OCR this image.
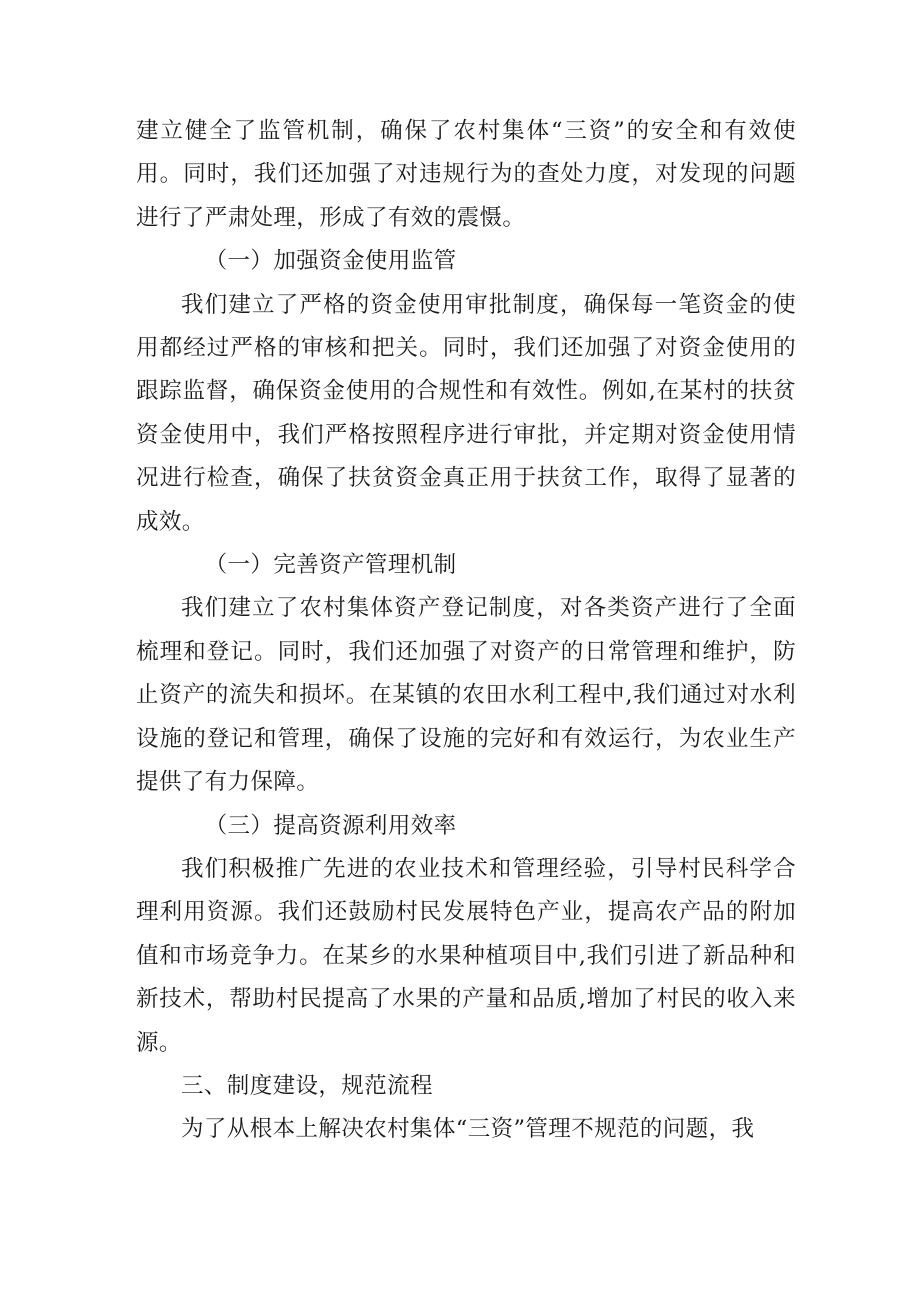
建立健全了监管机制，确保了农村集体“三资”的安全和有效使用。同时，我们还加强了对违规行为的查处力度，对发现的问题进行了严肃处理，形成了有效的震慑。

（一）加强资金使用监管

我们建立了严格的资金使用审批制度，确保每一笔资金的使用都经过严格的审核和把关。同时，我们还加强了对资金使用的跟踪监督，确保资金使用的合规性和有效性。例如,在某村的扶贫资金使用中，我们严格按照程序进行审批，并定期对资金使用情况进行检查，确保了扶贫资金真正用于扶贫工作，取得了显著的成效。

（一）完善资产管理机制

我们建立了农村集体资产登记制度，对各类资产进行了全面梳理和登记。同时，我们还加强了对资产的日常管理和维护，防止资产的流失和损坏。在某镇的农田水利工程中,我们通过对水利设施的登记和管理，确保了设施的完好和有效运行，为农业生产提供了有力保障。

（三）提高资源利用效率

我们积极推广先进的农业技术和管理经验，引导村民科学合理利用资源。我们还鼓励村民发展特色产业，提高农产品的附加值和市场竞争力。在某乡的水果种植项目中,我们引进了新品种和新技术，帮助村民提高了水果的产量和品质,增加了村民的收入来源。

三、制度建设，规范流程

为了从根本上解决农村集体“三资”管理不规范的问题，我
